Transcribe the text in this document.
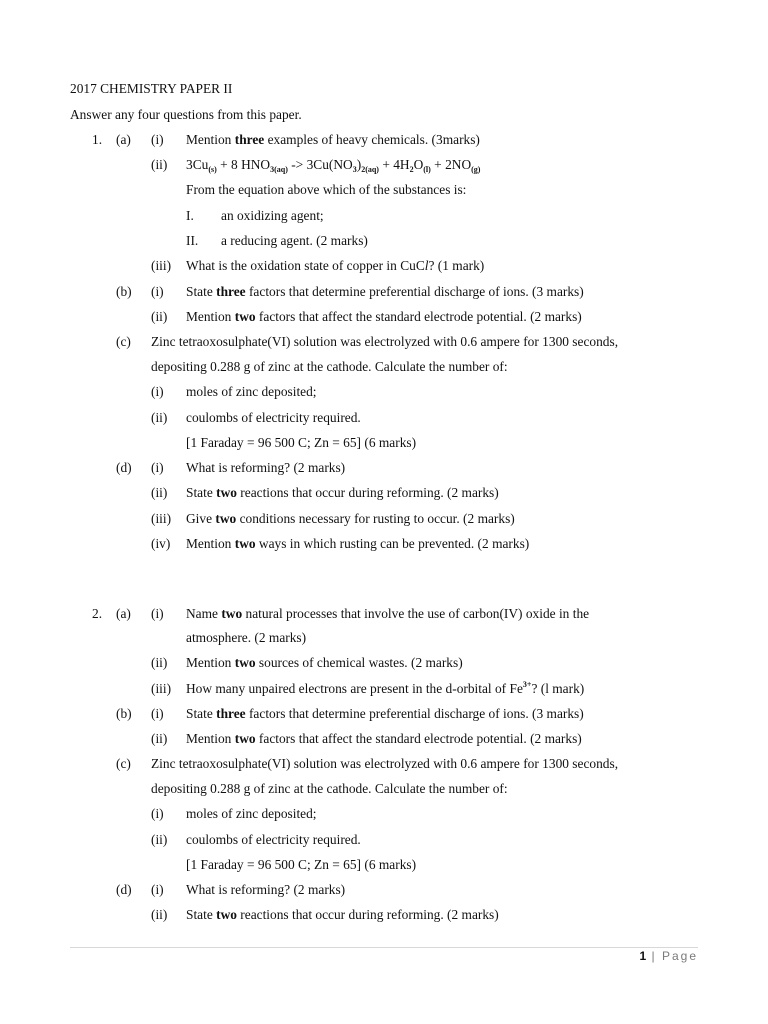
2017 CHEMISTRY PAPER II
Answer any four questions from this paper.
1. (a) (i) Mention three examples of heavy chemicals. (3marks)
(ii) $3Cu_{(s)} + 8$ $HNO_{3(aq)} -> 3Cu(NO_3)_{2(aq)} + 4H_2O_{(l)} + 2NO_{(g)}$
From the equation above which of the substances is:
I. an oxidizing agent;
II. a reducing agent. (2 marks)
(iii) What is the oxidation state of copper in CuCl? (1 mark)
(b) (i) State three factors that determine preferential discharge of ions. (3 marks)
(ii) Mention two factors that affect the standard electrode potential. (2 marks)
(c) Zinc tetraoxosulphate(VI) solution was electrolyzed with 0.6 ampere for 1300 seconds,
depositing 0.288 g of zinc at the cathode. Calculate the number of:
(i) moles of zinc deposited;
(ii) coulombs of electricity required.
[1 Faraday = 96 500 C; Zn = 65] (6 marks)
(d) (i) What is reforming? (2 marks)
(ii) State two reactions that occur during reforming. (2 marks)
(iii) Give two conditions necessary for rusting to occur. (2 marks)
(iv) Mention two ways in which rusting can be prevented. (2 marks)
2. (a) (i) Name two natural processes that involve the use of carbon(IV) oxide in the
atmosphere. (2 marks)
(ii) Mention two sources of chemical wastes. (2 marks)
(iii) How many unpaired electrons are present in the d-orbital of $Fe^{3+}$? (l mark)
(b) (i) State three factors that determine preferential discharge of ions. (3 marks)
(ii) Mention two factors that affect the standard electrode potential. (2 marks)
(c) Zinc tetraoxosulphate(VI) solution was electrolyzed with 0.6 ampere for 1300 seconds,
depositing 0.288 g of zinc at the cathode. Calculate the number of:
(i) moles of zinc deposited;
(ii) coulombs of electricity required.
[1 Faraday = 96 500 C; Zn = 65] (6 marks)
(d) (i) What is reforming? (2 marks)
(ii) State two reactions that occur during reforming. (2 marks)
1 | Page
